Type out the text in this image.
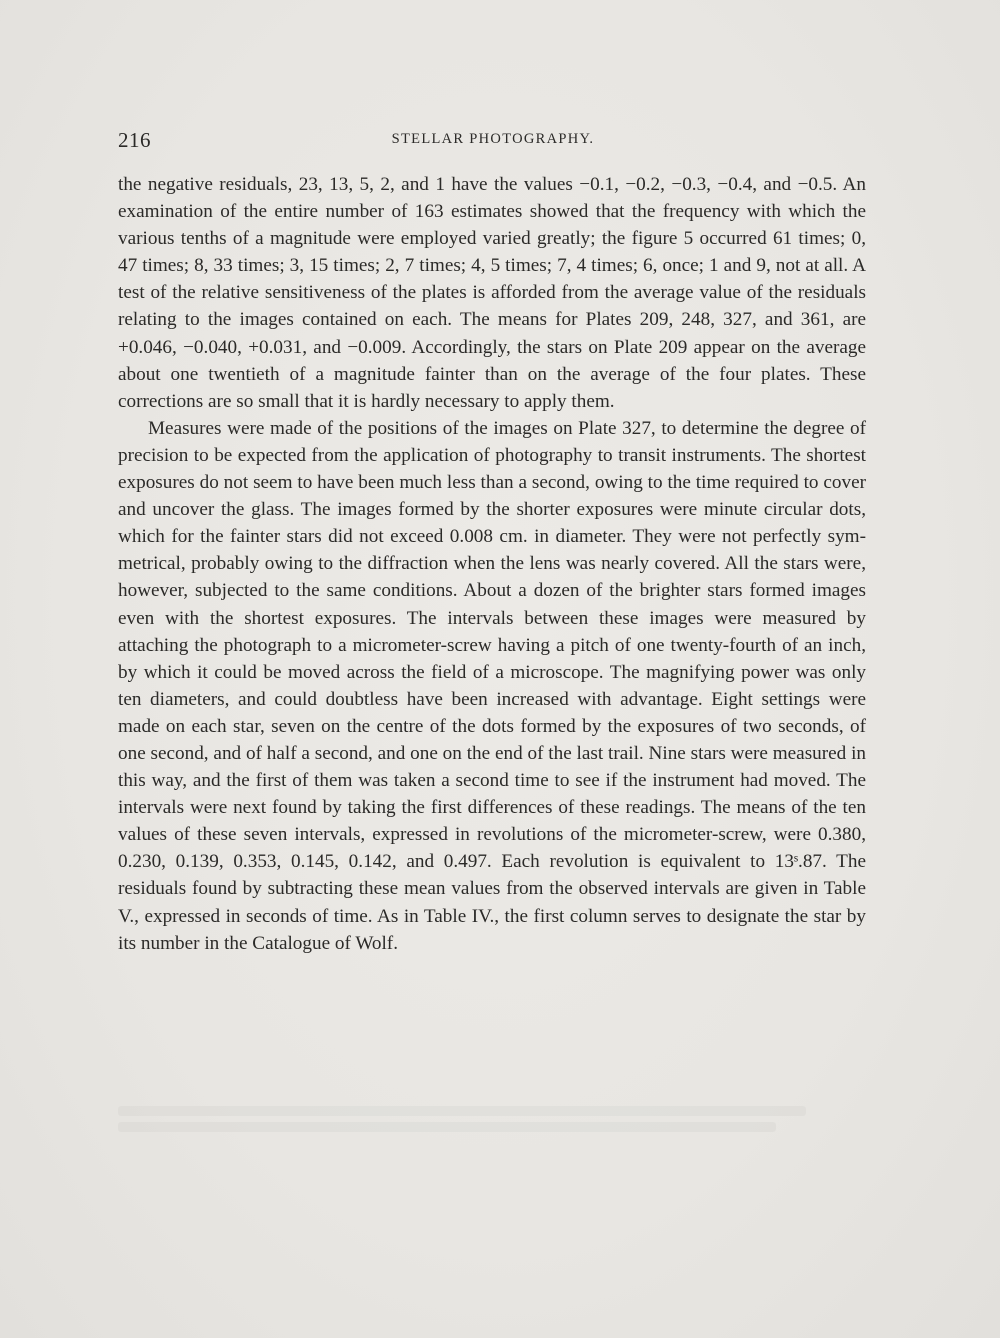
216	STELLAR PHOTOGRAPHY.

the negative residuals, 23, 13, 5, 2, and 1 have the values −0.1, −0.2, −0.3, −0.4, and −0.5. An examination of the entire number of 163 estimates showed that the frequency with which the various tenths of a magnitude were employed varied greatly; the figure 5 occurred 61 times; 0, 47 times; 8, 33 times; 3, 15 times; 2, 7 times; 4, 5 times; 7, 4 times; 6, once; 1 and 9, not at all. A test of the relative sensitiveness of the plates is afforded from the average value of the residuals relating to the images contained on each. The means for Plates 209, 248, 327, and 361, are +0.046, −0.040, +0.031, and −0.009. Accordingly, the stars on Plate 209 appear on the average about one twentieth of a magnitude fainter than on the average of the four plates. These corrections are so small that it is hardly necessary to apply them.

Measures were made of the positions of the images on Plate 327, to determine the degree of precision to be expected from the application of photography to transit instruments. The shortest exposures do not seem to have been much less than a second, owing to the time required to cover and uncover the glass. The images formed by the shorter exposures were minute circular dots, which for the fainter stars did not exceed 0.008 cm. in diameter. They were not perfectly symmetrical, probably owing to the diffraction when the lens was nearly covered. All the stars were, however, subjected to the same conditions. About a dozen of the brighter stars formed images even with the shortest exposures. The intervals between these images were measured by attaching the photograph to a micrometer-screw having a pitch of one twenty-fourth of an inch, by which it could be moved across the field of a microscope. The magnifying power was only ten diameters, and could doubtless have been increased with advantage. Eight settings were made on each star, seven on the centre of the dots formed by the exposures of two seconds, of one second, and of half a second, and one on the end of the last trail. Nine stars were measured in this way, and the first of them was taken a second time to see if the instrument had moved. The intervals were next found by taking the first differences of these readings. The means of the ten values of these seven intervals, expressed in revolutions of the micrometer-screw, were 0.380, 0.230, 0.139, 0.353, 0.145, 0.142, and 0.497. Each revolution is equivalent to 13ˢ.87. The residuals found by subtracting these mean values from the observed intervals are given in Table V., expressed in seconds of time. As in Table IV., the first column serves to designate the star by its number in the Catalogue of Wolf.
